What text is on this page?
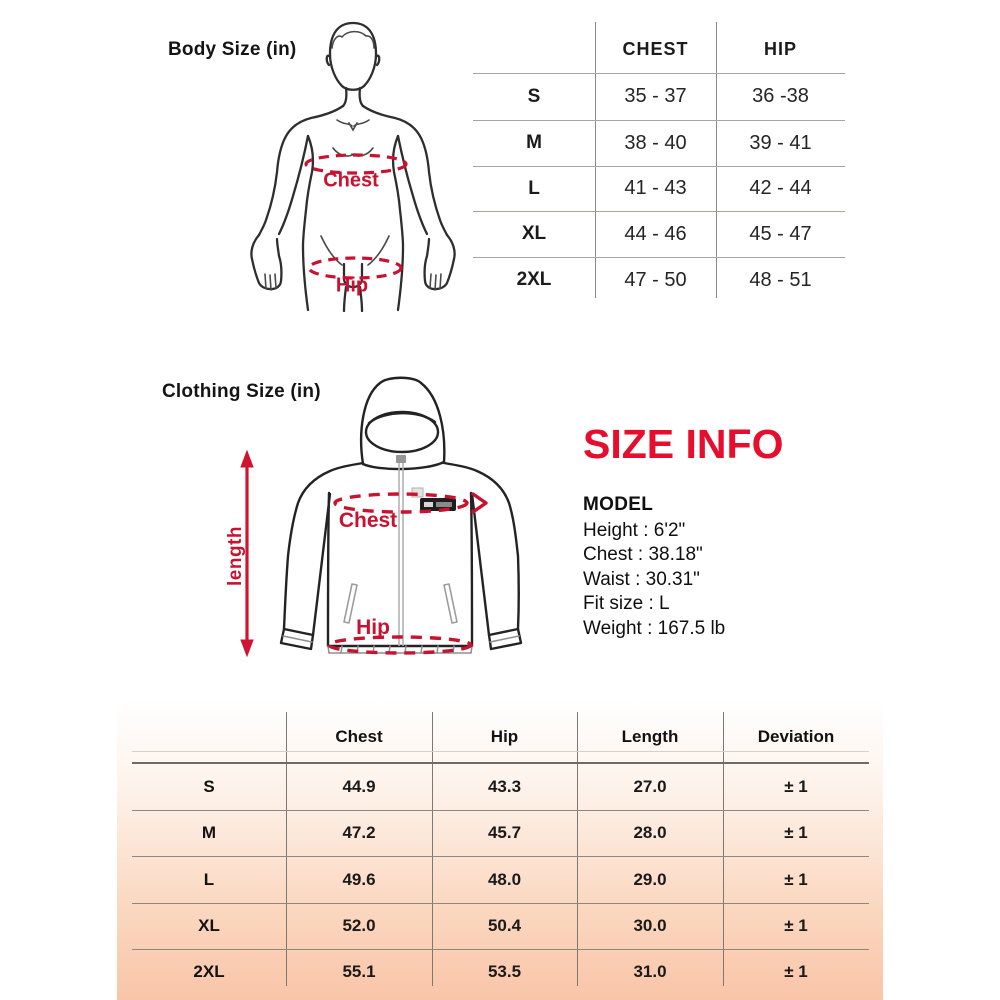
Body Size (in)
Chest
Hip
CHEST	HIP
S	35 - 37	36 -38
M	38 - 40	39 - 41
L	41 - 43	42 - 44
XL	44 - 46	45 - 47
2XL	47 - 50	48 - 51
Clothing Size (in)
Chest
Hip
length
SIZE INFO
MODEL
Height : 6'2"
Chest : 38.18"
Waist : 30.31"
Fit size : L
Weight : 167.5 lb
Chest	Hip	Length	Deviation
S	44.9	43.3	27.0	± 1
M	47.2	45.7	28.0	± 1
L	49.6	48.0	29.0	± 1
XL	52.0	50.4	30.0	± 1
2XL	55.1	53.5	31.0	± 1
